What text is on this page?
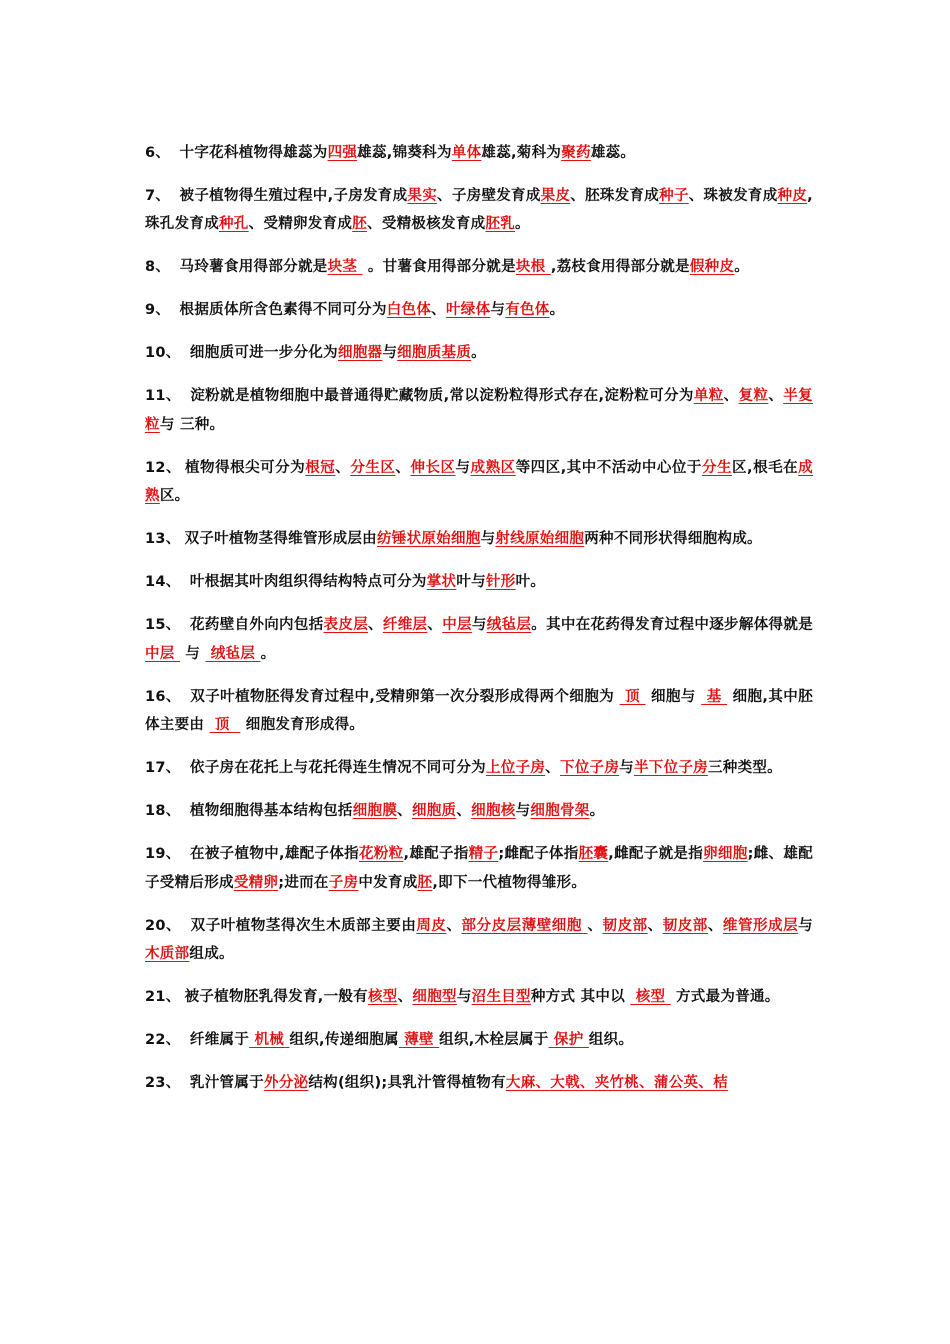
6、 十字花科植物得雄蕊为四强雄蕊,锦葵科为单体雄蕊,菊科为聚药雄蕊。

7、 被子植物得生殖过程中,子房发育成果实、子房壁发育成果皮、胚珠发育成种子、珠被发育成种皮,珠孔发育成种孔、受精卵发育成胚、受精极核发育成胚乳。

8、 马玲薯食用得部分就是块茎  。甘薯食用得部分就是块根 ,荔枝食用得部分就是假种皮。

9、 根据质体所含色素得不同可分为白色体、叶绿体与有色体。

10、 细胞质可进一步分化为细胞器与细胞质基质。

11、 淀粉就是植物细胞中最普通得贮藏物质,常以淀粉粒得形式存在,淀粉粒可分为单粒、复粒、半复粒与 三种。

12、 植物得根尖可分为根冠、分生区、伸长区与成熟区等四区,其中不活动中心位于分生区,根毛在成熟区。

13、 双子叶植物茎得维管形成层由纺锤状原始细胞与射线原始细胞两种不同形状得细胞构成。

14、 叶根据其叶肉组织得结构特点可分为掌状叶与针形叶。

15、 花药壁自外向内包括表皮层、纤维层、中层与绒毡层。其中在花药得发育过程中逐步解体得就是中层  与  绒毡层 。

16、 双子叶植物胚得发育过程中,受精卵第一次分裂形成得两个细胞为  顶  细胞与  基  细胞,其中胚体主要由  顶   细胞发育形成得。

17、 依子房在花托上与花托得连生情况不同可分为上位子房、下位子房与半下位子房三种类型。

18、 植物细胞得基本结构包括细胞膜、细胞质、细胞核与细胞骨架。

19、 在被子植物中,雄配子体指花粉粒,雄配子指精子;雌配子体指胚囊,雌配子就是指卵细胞;雌、雄配子受精后形成受精卵;进而在子房中发育成胚,即下一代植物得雏形。

20、 双子叶植物茎得次生木质部主要由周皮、部分皮层薄壁细胞 、韧皮部、韧皮部、维管形成层与木质部组成。

21、 被子植物胚乳得发育,一般有核型、细胞型与沼生目型种方式 其中以  核型  方式最为普通。

22、 纤维属于 机械 组织,传递细胞属 薄壁 组织,木栓层属于 保护 组织。

23、 乳汁管属于外分泌结构(组织);具乳汁管得植物有大麻、大戟、夹竹桃、蒲公英、桔
